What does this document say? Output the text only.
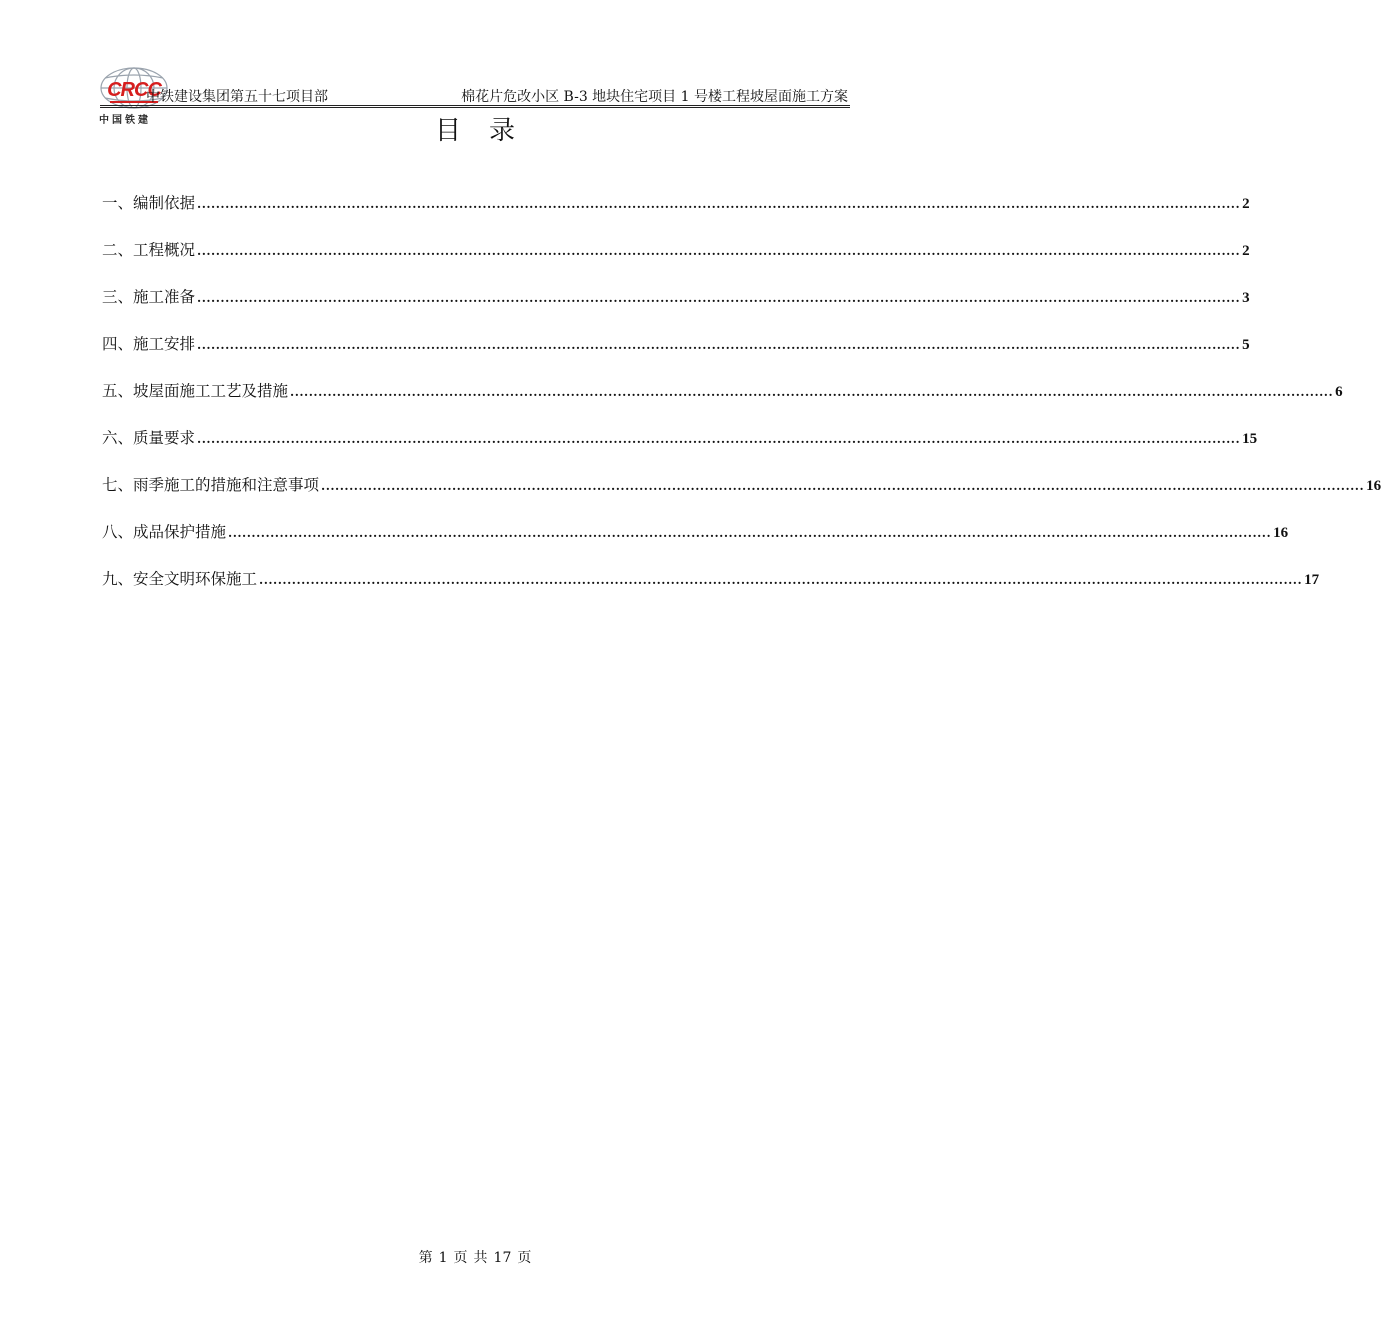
CRCC
中国铁建
中铁建设集团第五十七项目部	棉花片危改小区 B-3 地块住宅项目 1 号楼工程坡屋面施工方案
目录
一、编制依据 ............................................................................................................................................................................................................................... 2
二、工程概况 ............................................................................................................................................................................................................................... 2
三、施工准备 ............................................................................................................................................................................................................................... 3
四、施工安排 ............................................................................................................................................................................................................................... 5
五、坡屋面施工工艺及措施 ............................................................................................................................................................................................................................... 6
六、质量要求 ............................................................................................................................................................................................................................... 15
七、雨季施工的措施和注意事项 ............................................................................................................................................................................................................................... 16
八、成品保护措施 ............................................................................................................................................................................................................................... 16
九、安全文明环保施工 ............................................................................................................................................................................................................................... 17
第 1 页 共 17 页
